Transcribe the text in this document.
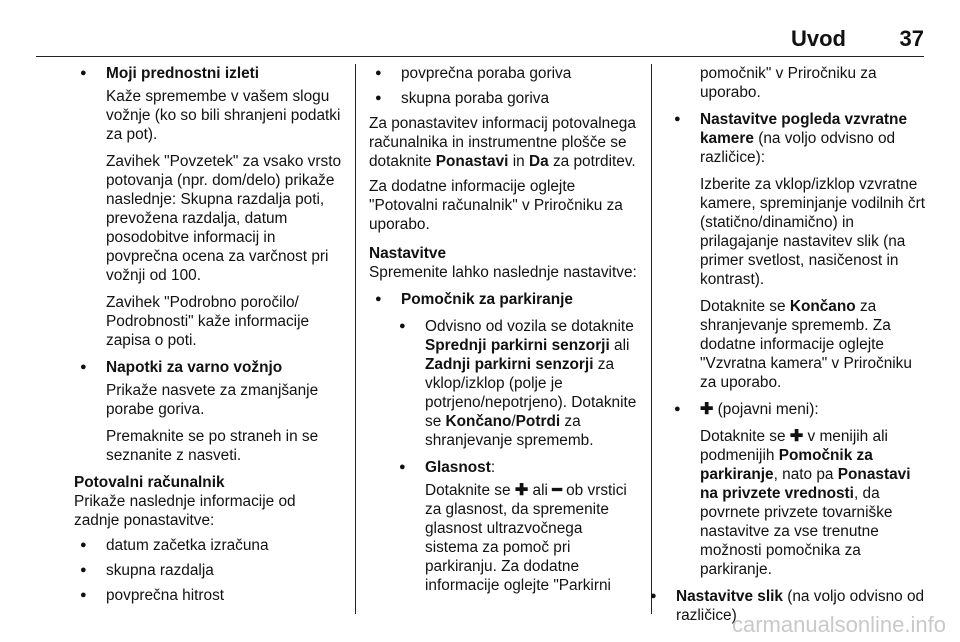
Uvod 37
● Moji prednostni izleti
Kaže spremembe v vašem slogu vožnje (ko so bili shranjeni podatki za pot).
Zavihek "Povzetek" za vsako vrsto potovanja (npr. dom/delo) prikaže naslednje: Skupna razdalja poti, prevožena razdalja, datum posodobitve informacij in povprečna ocena za varčnost pri vožnji od 100.
Zavihek "Podrobno poročilo/ Podrobnosti" kaže informacije zapisa o poti.
● Napotki za varno vožnjo
Prikaže nasvete za zmanjšanje porabe goriva.
Premaknite se po straneh in se seznanite z nasveti.
Potovalni računalnik
Prikaže naslednje informacije od zadnje ponastavitve:
● datum začetka izračuna
● skupna razdalja
● povprečna hitrost
● povprečna poraba goriva
● skupna poraba goriva
Za ponastavitev informacij potovalnega računalnika in instrumentne plošče se dotaknite Ponastavi in Da za potrditev.
Za dodatne informacije oglejte "Potovalni računalnik" v Priročniku za uporabo.
Nastavitve
Spremenite lahko naslednje nastavitve:
● Pomočnik za parkiranje
● Odvisno od vozila se dotaknite Sprednji parkirni senzorji ali Zadnji parkirni senzorji za vklop/izklop (polje je potrjeno/nepotrjeno). Dotaknite se Končano/Potrdi za shranjevanje sprememb.
● Glasnost:
Dotaknite se ✚ ali ━ ob vrstici za glasnost, da spremenite glasnost ultrazvočnega sistema za pomoč pri parkiranju. Za dodatne informacije oglejte "Parkirni
pomočnik" v Priročniku za uporabo.
● Nastavitve pogleda vzvratne kamere (na voljo odvisno od različice):
Izberite za vklop/izklop vzvratne kamere, spreminjanje vodilnih črt (statično/dinamično) in prilagajanje nastavitev slik (na primer svetlost, nasičenost in kontrast).
Dotaknite se Končano za shranjevanje sprememb. Za dodatne informacije oglejte "Vzvratna kamera" v Priročniku za uporabo.
● ✚ (pojavni meni):
Dotaknite se ✚ v menijih ali podmenijih Pomočnik za parkiranje, nato pa Ponastavi na privzete vrednosti, da povrnete privzete tovarniške nastavitve za vse trenutne možnosti pomočnika za parkiranje.
● Nastavitve slik (na voljo odvisno od različice)
carmanualsonline.info
